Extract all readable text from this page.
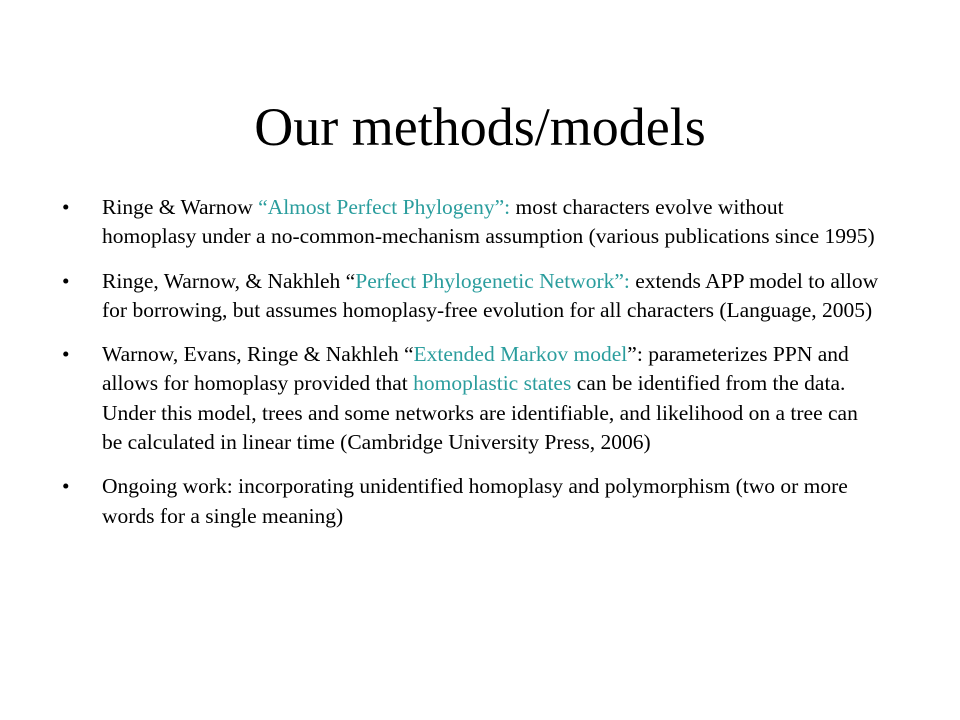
Our methods/models
•	Ringe & Warnow “Almost Perfect Phylogeny”: most characters evolve without homoplasy under a no-common-mechanism assumption (various publications since 1995)
•	Ringe, Warnow, & Nakhleh “Perfect Phylogenetic Network”: extends APP model to allow for borrowing, but assumes homoplasy-free evolution for all characters (Language, 2005)
•	Warnow, Evans, Ringe & Nakhleh “Extended Markov model”: parameterizes PPN and allows for homoplasy provided that homoplastic states can be identified from the data. Under this model, trees and some networks are identifiable, and likelihood on a tree can be calculated in linear time (Cambridge University Press, 2006)
•	Ongoing work: incorporating unidentified homoplasy and polymorphism (two or more words for a single meaning)
